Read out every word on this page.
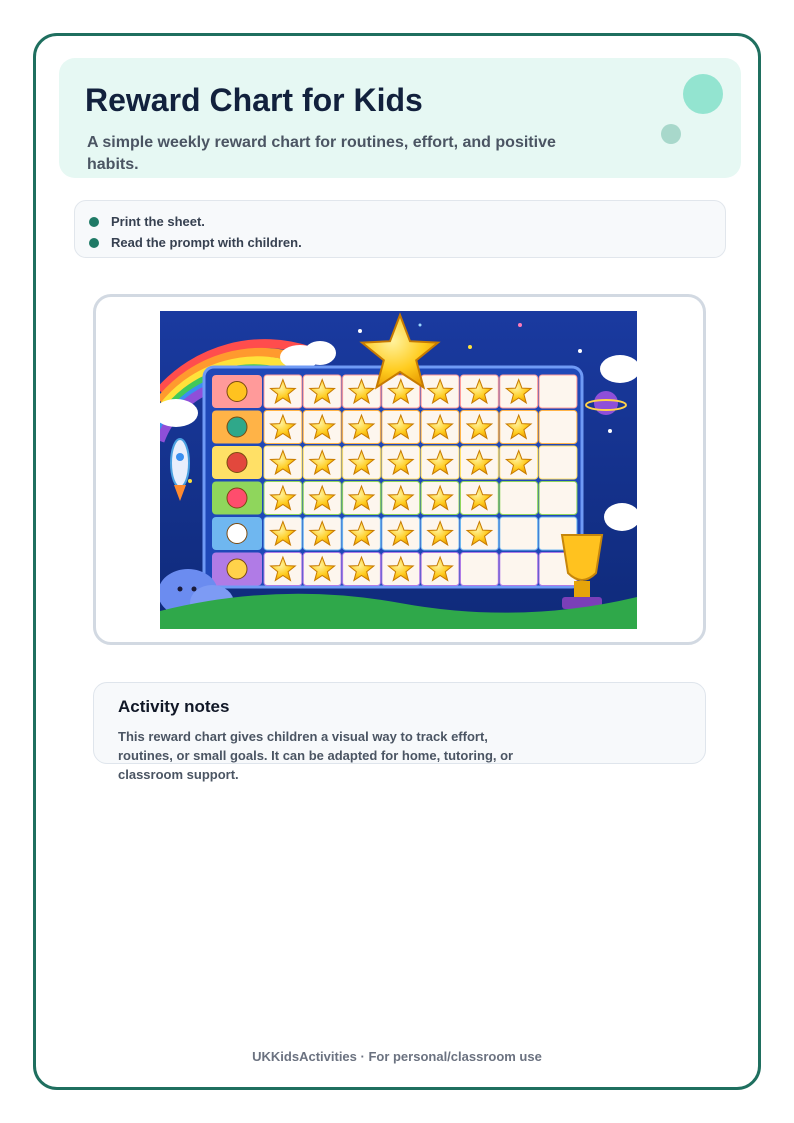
Reward Chart for Kids

A simple weekly reward chart for routines, effort, and positive habits.

Print the sheet.
Read the prompt with children.
Activity notes

This reward chart gives children a visual way to track effort, routines, or small goals. It can be adapted for home, tutoring, or classroom support.

UKKidsActivities · For personal/classroom use
